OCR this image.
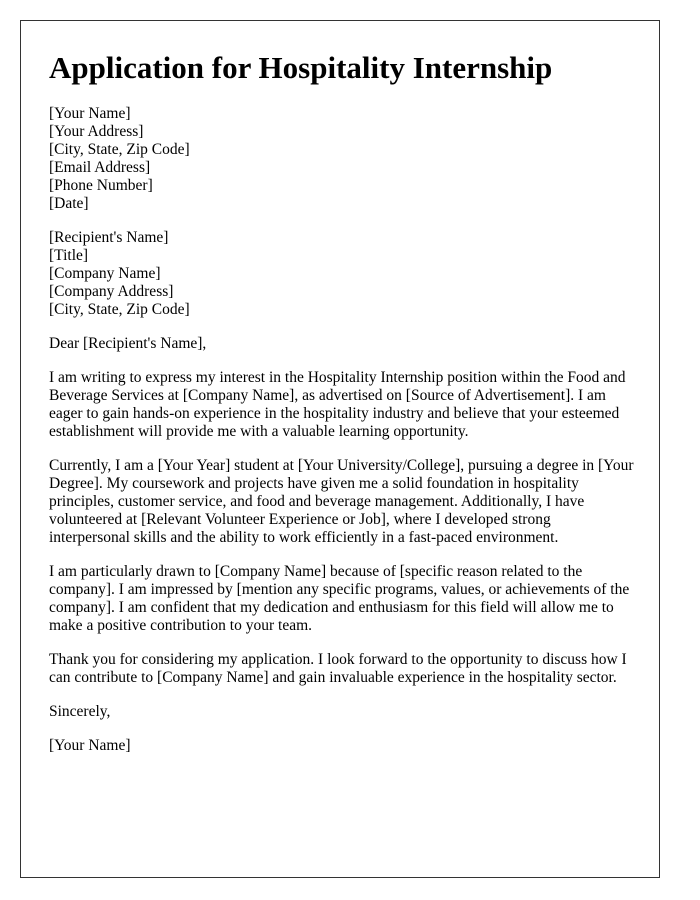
Application for Hospitality Internship
[Your Name]
[Your Address]
[City, State, Zip Code]
[Email Address]
[Phone Number]
[Date]
[Recipient's Name]
[Title]
[Company Name]
[Company Address]
[City, State, Zip Code]

Dear [Recipient's Name],

I am writing to express my interest in the Hospitality Internship position within the Food and Beverage Services at [Company Name], as advertised on [Source of Advertisement]. I am eager to gain hands-on experience in the hospitality industry and believe that your esteemed establishment will provide me with a valuable learning opportunity.

Currently, I am a [Your Year] student at [Your University/College], pursuing a degree in [Your Degree]. My coursework and projects have given me a solid foundation in hospitality principles, customer service, and food and beverage management. Additionally, I have volunteered at [Relevant Volunteer Experience or Job], where I developed strong interpersonal skills and the ability to work efficiently in a fast-paced environment.

I am particularly drawn to [Company Name] because of [specific reason related to the company]. I am impressed by [mention any specific programs, values, or achievements of the company]. I am confident that my dedication and enthusiasm for this field will allow me to make a positive contribution to your team.

Thank you for considering my application. I look forward to the opportunity to discuss how I can contribute to [Company Name] and gain invaluable experience in the hospitality sector.

Sincerely,

[Your Name]
